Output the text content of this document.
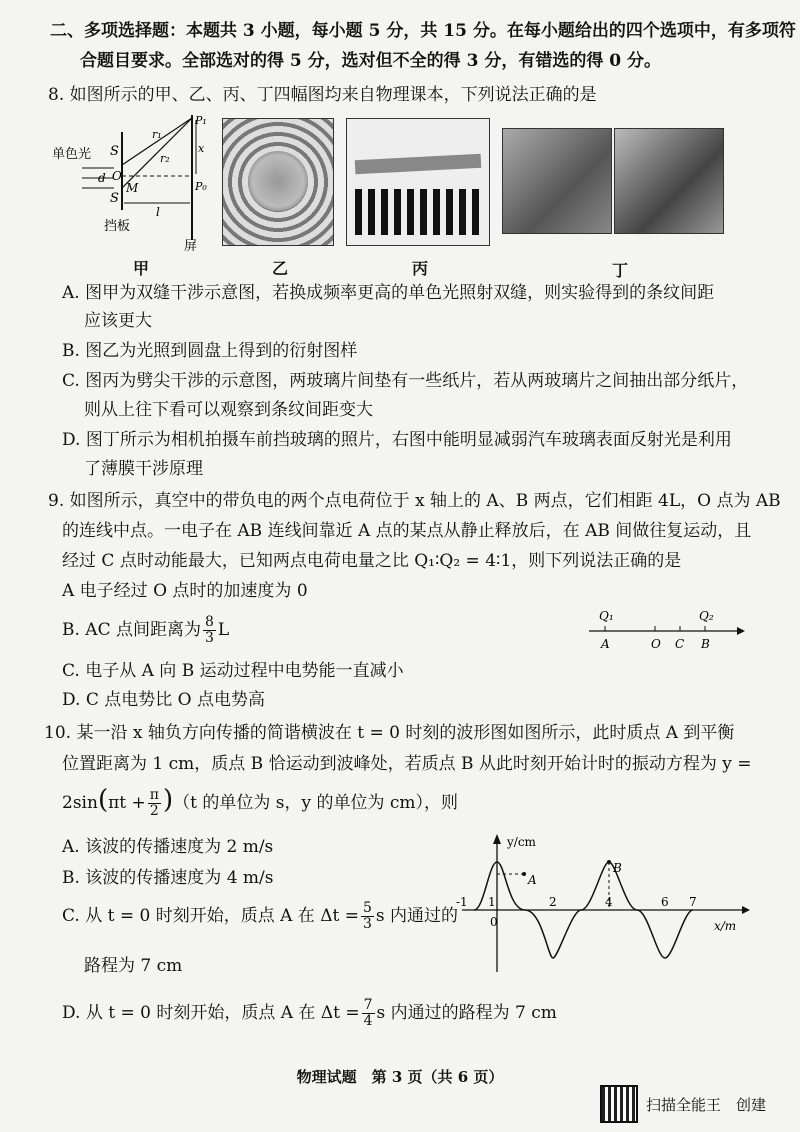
二、多项选择题：本题共 3 小题，每小题 5 分，共 15 分。在每小题给出的四个选项中，有多项符
合题目要求。全部选对的得 5 分，选对但不全的得 3 分，有错选的得 0 分。
8. 如图所示的甲、乙、丙、丁四幅图均来自物理课本，下列说法正确的是
单色光 S
S
O
M
d
r₁
r₂
P₁
P₀
x
l
挡板
屏
甲	乙	丙	丁
A. 图甲为双缝干涉示意图，若换成频率更高的单色光照射双缝，则实验得到的条纹间距
应该更大
B. 图乙为光照到圆盘上得到的衍射图样
C. 图丙为劈尖干涉的示意图，两玻璃片间垫有一些纸片，若从两玻璃片之间抽出部分纸片，
则从上往下看可以观察到条纹间距变大
D. 图丁所示为相机拍摄车前挡玻璃的照片，右图中能明显减弱汽车玻璃表面反射光是利用
了薄膜干涉原理
9. 如图所示，真空中的带负电的两个点电荷位于 x 轴上的 A、B 两点，它们相距 4L，O 点为 AB
的连线中点。一电子在 AB 连线间靠近 A 点的某点从静止释放后，在 AB 间做往复运动，且
经过 C 点时动能最大，已知两点电荷电量之比 Q₁∶Q₂ = 4∶1，则下列说法正确的是
A 电子经过 O 点时的加速度为 0
B. AC 点间距离为 $\frac{8}{3}$ L
C. 电子从 A 向 B 运动过程中电势能一直减小
D. C 点电势比 O 点电势高
Q₁	Q₂
A	O C B
10. 某一沿 x 轴负方向传播的简谐横波在 t = 0 时刻的波形图如图所示，此时质点 A 到平衡
位置距离为 1 cm，质点 B 恰运动到波峰处，若质点 B 从此时刻开始计时的振动方程为 y =
$2\sin(\pi t + \frac{\pi}{2} )(t$ 的单位为 s，y 的单位为 cm），则
A. 该波的传播速度为 2 m/s
B. 该波的传播速度为 4 m/s
C. 从 t = 0 时刻开始，质点 A 在 $\Delta t = \frac{5}{3}$ s 内通过的
路程为 7 cm
D. 从 t = 0 时刻开始，质点 A 在 $\Delta t = \frac{7}{4}$ s 内通过的路程为 7 cm
y/cm
x/m
0
-1 1	2	4	6 7
A
B
物理试题　第 3 页（共 6 页）
扫描全能王　创建
